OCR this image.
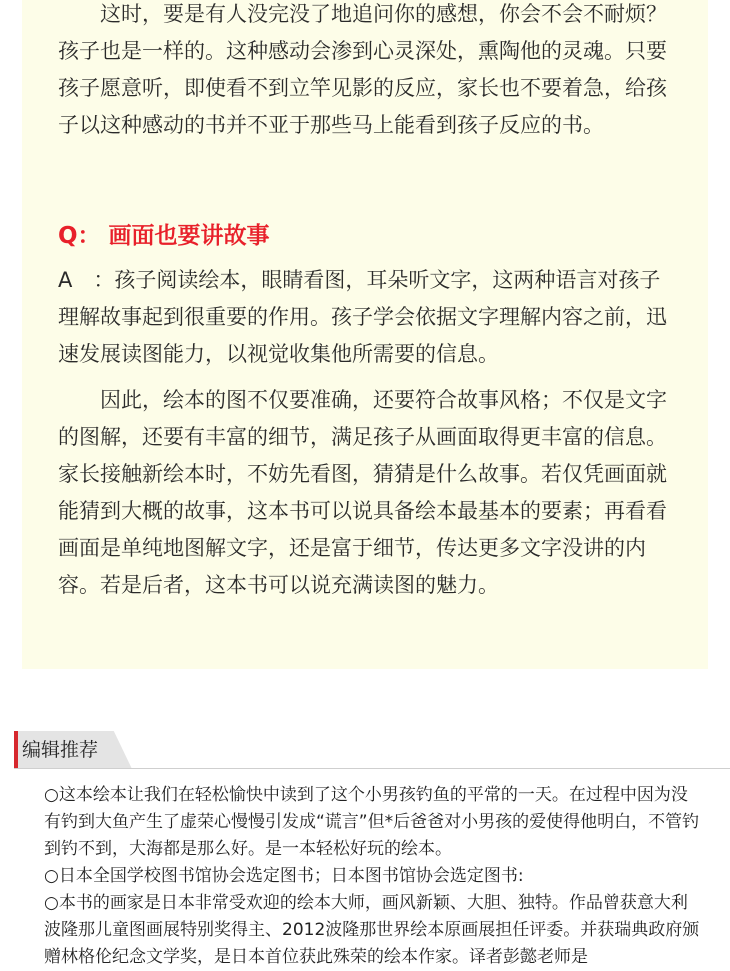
　　这时，要是有人没完没了地追问你的感想，你会不会不耐烦？孩子也是一样的。这种感动会渗到心灵深处，熏陶他的灵魂。只要孩子愿意听，即使看不到立竿见影的反应，家长也不要着急，给孩子以这种感动的书并不亚于那些马上能看到孩子反应的书。

Q： 画面也要讲故事

A　：孩子阅读绘本，眼睛看图，耳朵听文字，这两种语言对孩子理解故事起到很重要的作用。孩子学会依据文字理解内容之前，迅速发展读图能力，以视觉收集他所需要的信息。

　　因此，绘本的图不仅要准确，还要符合故事风格；不仅是文字的图解，还要有丰富的细节，满足孩子从画面取得更丰富的信息。家长接触新绘本时，不妨先看图，猜猜是什么故事。若仅凭画面就能猜到大概的故事，这本书可以说具备绘本最基本的要素；再看看画面是单纯地图解文字，还是富于细节，传达更多文字没讲的内容。若是后者，这本书可以说充满读图的魅力。

编辑推荐

○这本绘本让我们在轻松愉快中读到了这个小男孩钓鱼的平常的一天。在过程中因为没有钓到大鱼产生了虚荣心慢慢引发成“谎言”但*后爸爸对小男孩的爱使得他明白，不管钓到钓不到，大海都是那么好。是一本轻松好玩的绘本。

○日本全国学校图书馆协会选定图书；日本图书馆协会选定图书:

○本书的画家是日本非常受欢迎的绘本大师，画风新颖、大胆、独特。作品曾获意大利波隆那儿童图画展特别奖得主、2012波隆那世界绘本原画展担任评委。并获瑞典政府颁赠林格伦纪念文学奖，是日本首位获此殊荣的绘本作家。译者彭懿老师是
